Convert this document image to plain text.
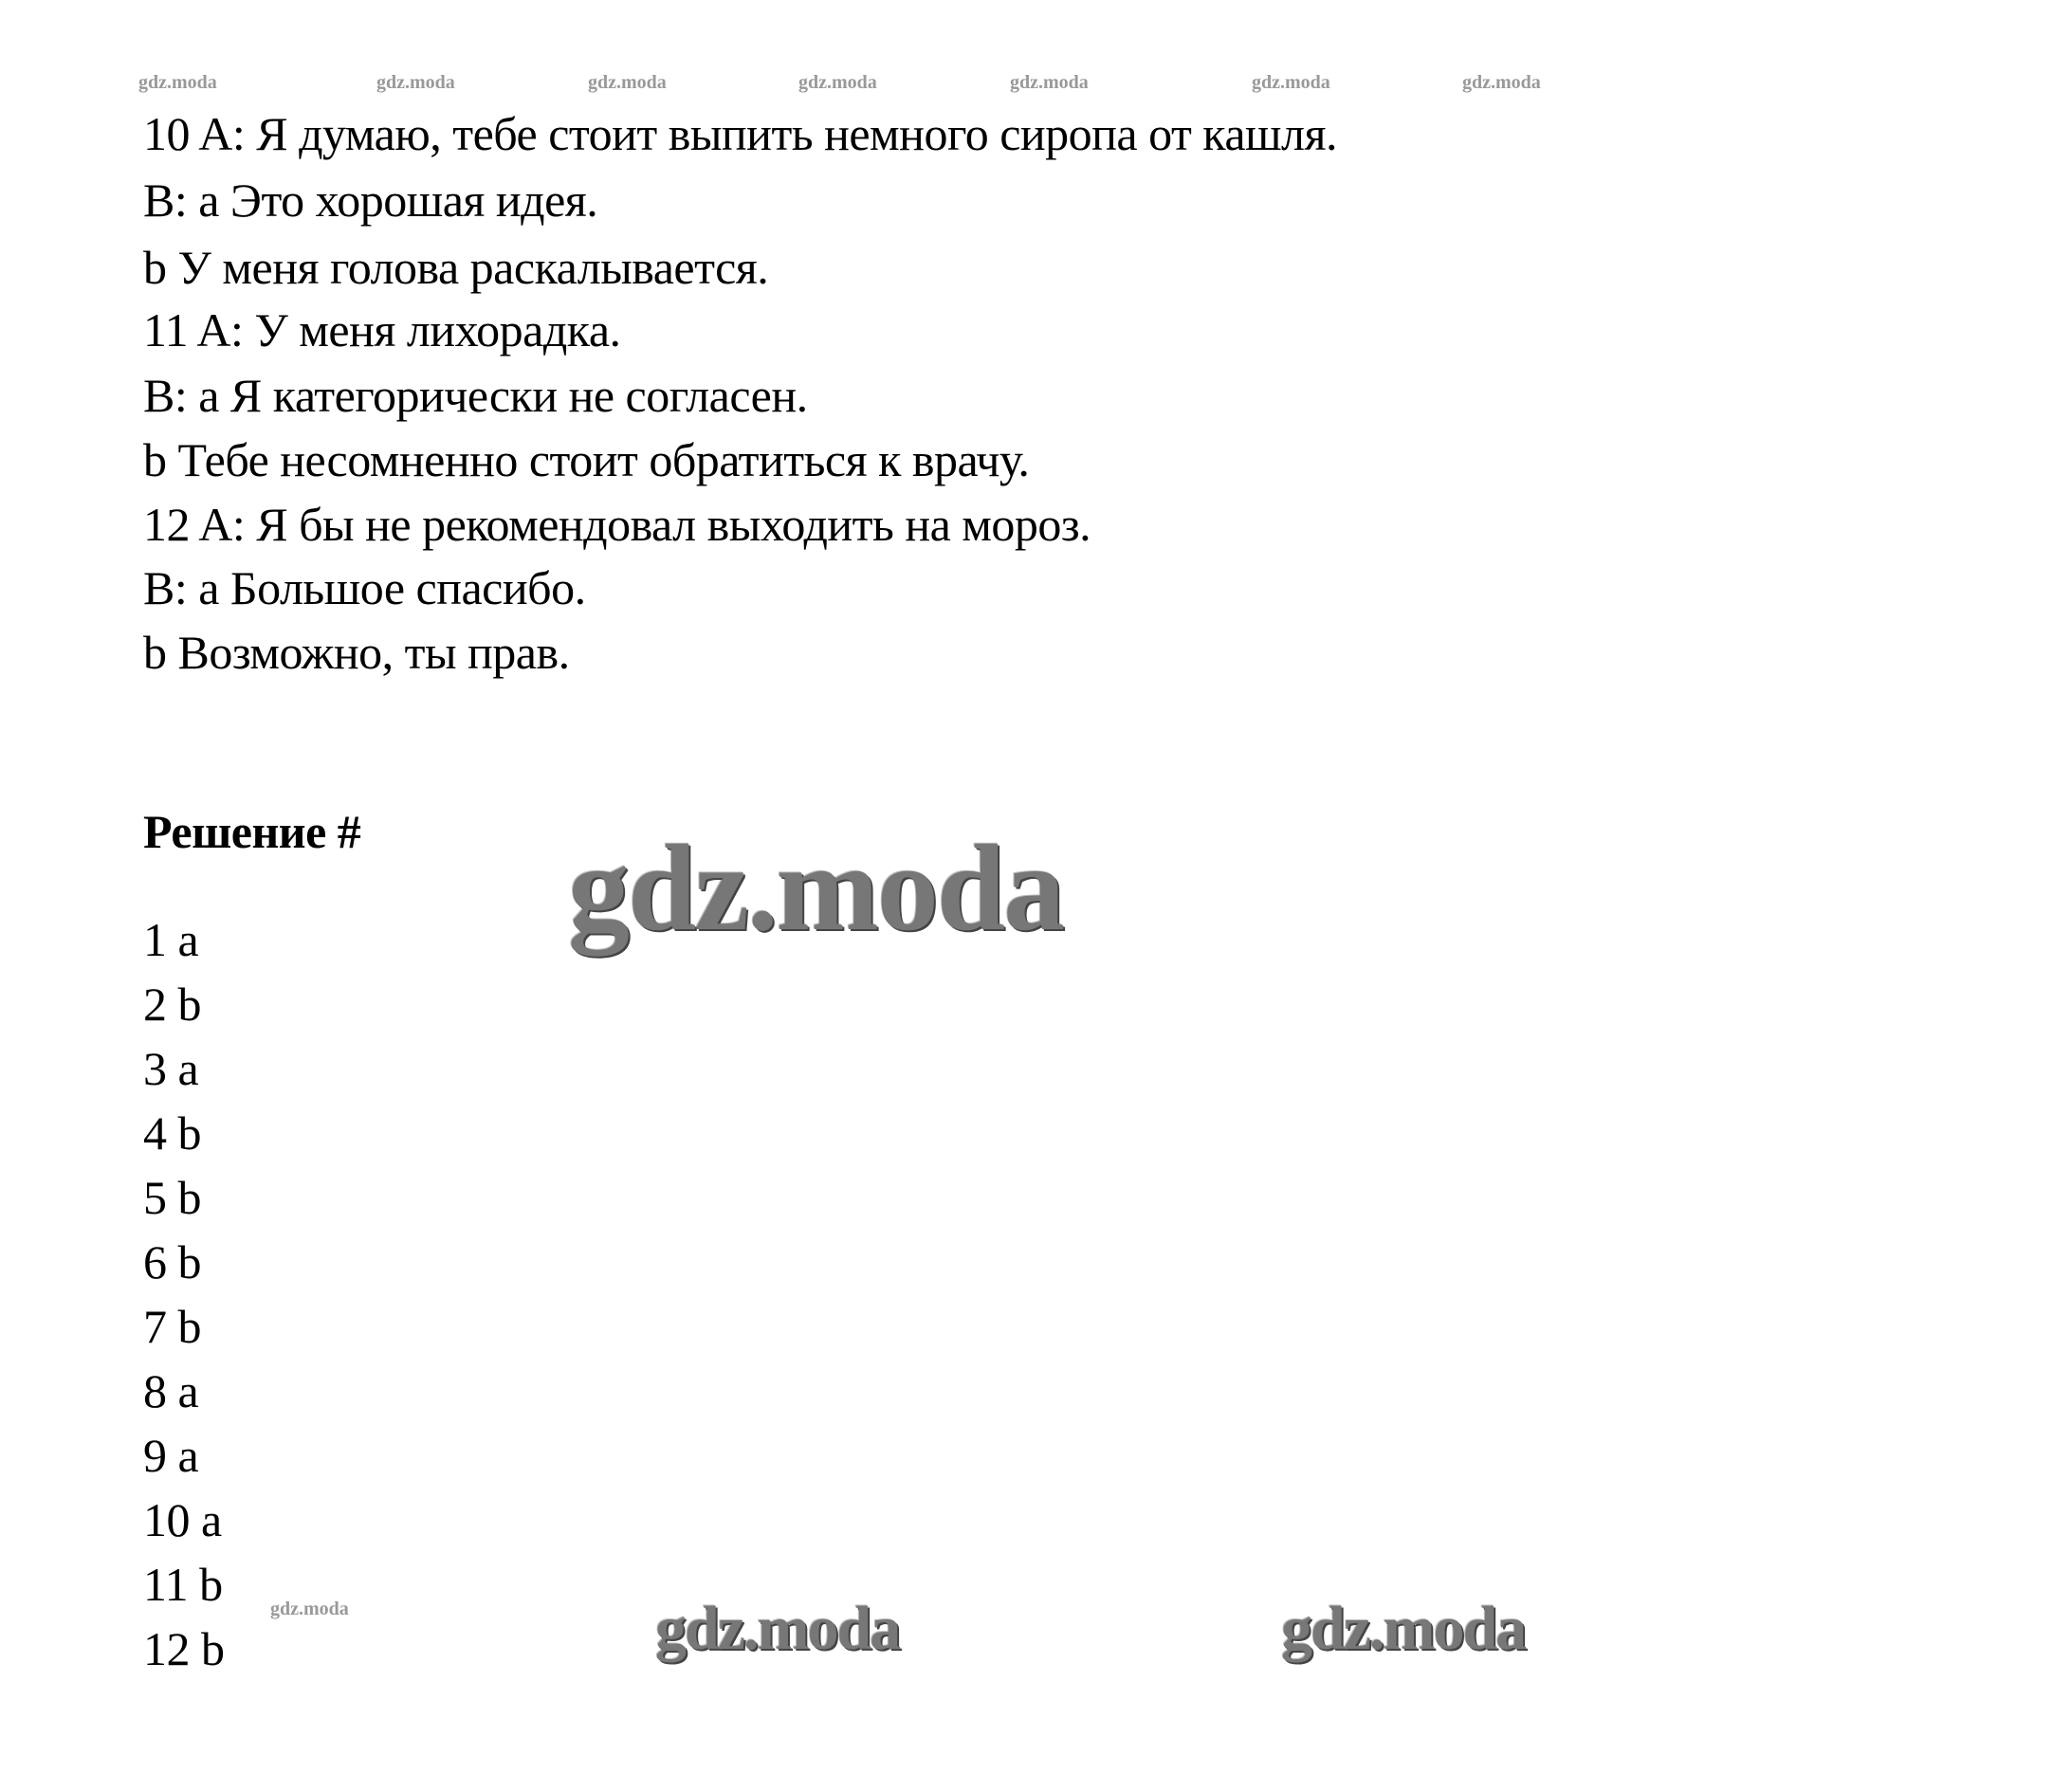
10 A: Я думаю, тебе стоит выпить немного сиропа от кашля.
B: a Это хорошая идея.
b У меня голова раскалывается.
11 A: У меня лихорадка.
B: a Я категорически не согласен.
b Тебе несомненно стоит обратиться к врачу.
12 A: Я бы не рекомендовал выходить на мороз.
B: a Большое спасибо.
b Возможно, ты прав.
Решение #
1 a
2 b
3 a
4 b
5 b
6 b
7 b
8 a
9 a
10 a
11 b
12 b
gdz.moda	gdz.moda	gdz.moda	gdz.moda	gdz.moda	gdz.moda	gdz.moda
gdz.moda
gdz.moda
gdz.moda	gdz.moda
